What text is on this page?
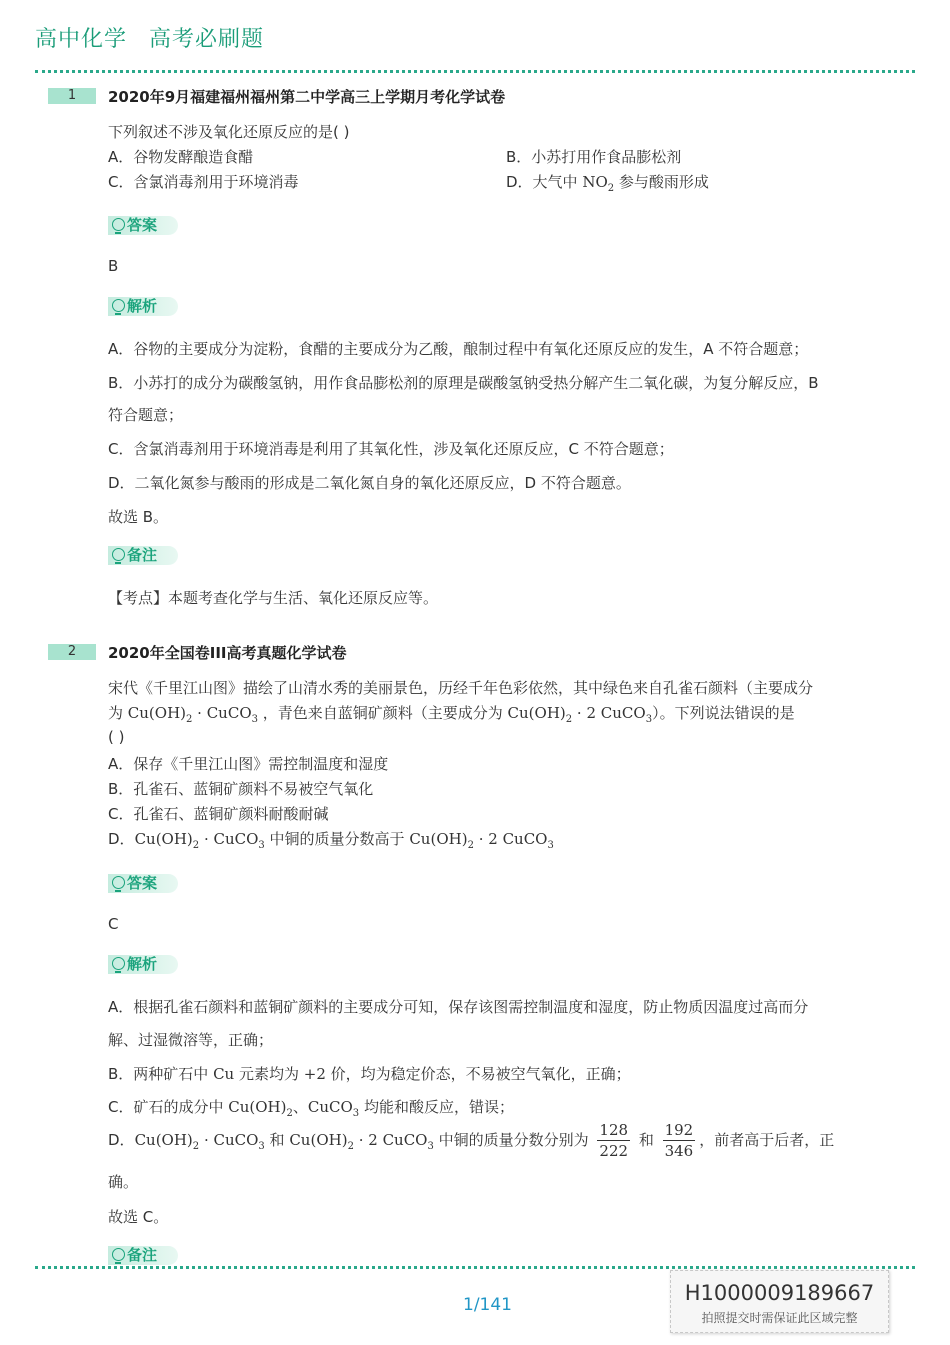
高中化学 高考必刷题
1	2020年9月福建福州福州第二中学高三上学期月考化学试卷
下列叙述不涉及氧化还原反应的是( )
A．谷物发酵酿造食醋	B．小苏打用作食品膨松剂
C．含氯消毒剂用于环境消毒	D．大气中 $NO_2$ 参与酸雨形成
答案
B
解析
A．谷物的主要成分为淀粉，食醋的主要成分为乙酸，酿制过程中有氧化还原反应的发生，A 不符合题意；
B．小苏打的成分为碳酸氢钠，用作食品膨松剂的原理是碳酸氢钠受热分解产生二氧化碳，为复分解反应，B
符合题意；
C．含氯消毒剂用于环境消毒是利用了其氧化性，涉及氧化还原反应，C 不符合题意；
D．二氧化氮参与酸雨的形成是二氧化氮自身的氧化还原反应，D 不符合题意。
故选 B。
备注
【考点】本题考查化学与生活、氧化还原反应等。
2	2020年全国卷III高考真题化学试卷
宋代《千里江山图》描绘了山清水秀的美丽景色，历经千年色彩依然，其中绿色来自孔雀石颜料（主要成分
为 $Cu(OH)_2$ · CuCO$_3$ ，青色来自蓝铜矿颜料（主要成分为 $Cu(OH)_2 \cdot 2$ CuCO$_3$）。下列说法错误的是
( )
A．保存《千里江山图》需控制温度和湿度
B．孔雀石、蓝铜矿颜料不易被空气氧化
C．孔雀石、蓝铜矿颜料耐酸耐碱
D．$Cu(OH)_2$ · CuCO$_3$ 中铜的质量分数高于 $Cu(OH)_2 \cdot 2$ CuCO$_3$
答案
C
解析
A．根据孔雀石颜料和蓝铜矿颜料的主要成分可知，保存该图需控制温度和湿度，防止物质因温度过高而分
解、过湿微溶等，正确；
B．两种矿石中 Cu 元素均为 +2 价，均为稳定价态，不易被空气氧化，正确；
C．矿石的成分中 $Cu(OH)_2$、CuCO$_3$ 均能和酸反应，错误；
D．$Cu(OH)_2$ · CuCO$_3$ 和 $Cu(OH)_2 \cdot 2$ CuCO$_3$ 中铜的质量分数分别为 $\frac{128}{222}$ 和 $\frac{192}{346}$ ，前者高于后者，正
确。
故选 C。
备注
1/141	H1000009189667
拍照提交时需保证此区域完整
